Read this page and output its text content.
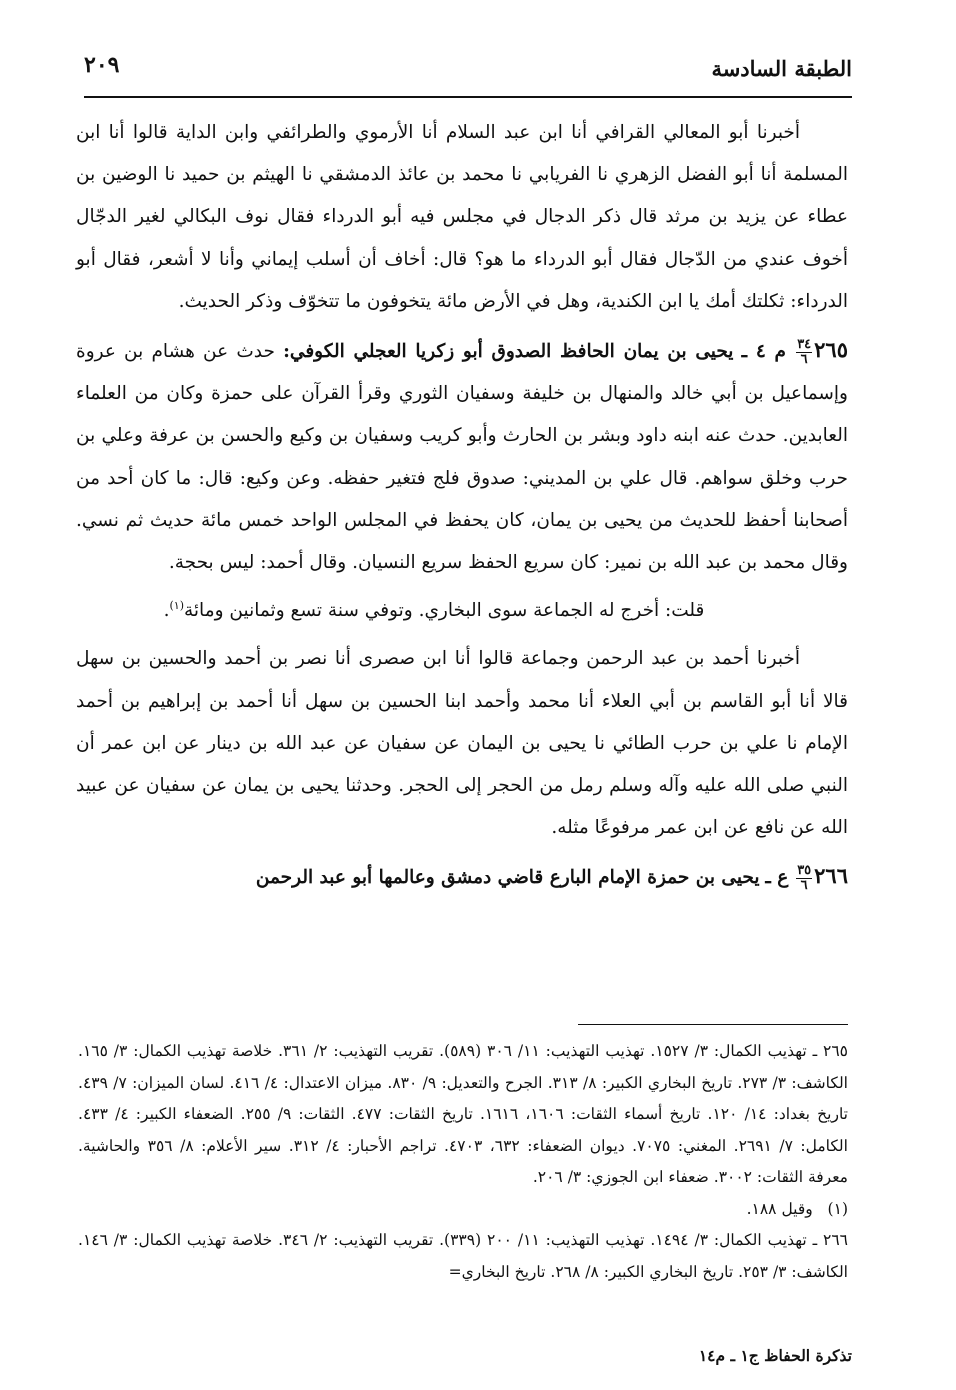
الطبقة السادسة
٢٠٩

أخبرنا أبو المعالي القرافي أنا ابن عبد السلام أنا الأرموي والطرائفي وابن الداية قالوا أنا ابن المسلمة أنا أبو الفضل الزهري نا الفريابي نا محمد بن عائذ الدمشقي نا الهيثم بن حميد نا الوضين بن عطاء عن يزيد بن مرثد قال ذكر الدجال في مجلس فيه أبو الدرداء فقال نوف البكالي لغير الدجّال أخوف عندي من الدّجال فقال أبو الدرداء ما هو؟ قال: أخاف أن أسلب إيماني وأنا لا أشعر، فقال أبو الدرداء: ثكلتك أمك يا ابن الكندية، وهل في الأرض مائة يتخوفون ما تتخوّف وذكر الحديث.

٢٦٥
$\frac{٣٤}{٦}$
م ٤ ـ يحيى بن يمان الحافظ الصدوق أبو زكريا العجلي الكوفي: حدث عن هشام بن عروة وإسماعيل بن أبي خالد والمنهال بن خليفة وسفيان الثوري وقرأ القرآن على حمزة وكان من العلماء العابدين. حدث عنه ابنه داود وبشر بن الحارث وأبو كريب وسفيان بن وكيع والحسن بن عرفة وعلي بن حرب وخلق سواهم. قال علي بن المديني: صدوق فلج فتغير حفظه. وعن وكيع: قال: ما كان أحد من أصحابنا أحفظ للحديث من يحيى بن يمان، كان يحفظ في المجلس الواحد خمس مائة حديث ثم نسي. وقال محمد بن عبد الله بن نمير: كان سريع الحفظ سريع النسيان. وقال أحمد: ليس بحجة.

قلت: أخرج له الجماعة سوى البخاري. وتوفي سنة تسع وثمانين ومائة$^{(١)}$.

أخبرنا أحمد بن عبد الرحمن وجماعة قالوا أنا ابن صصرى أنا نصر بن أحمد والحسين بن سهل قالا أنا أبو القاسم بن أبي العلاء أنا محمد وأحمد ابنا الحسين بن سهل أنا أحمد بن إبراهيم بن أحمد الإمام نا علي بن حرب الطائي نا يحيى بن اليمان عن سفيان عن عبد الله بن دينار عن ابن عمر أن النبي صلى الله عليه وآله وسلم رمل من الحجر إلى الحجر. وحدثنا يحيى بن يمان عن سفيان عن عبيد الله عن نافع عن ابن عمر مرفوعًا مثله.

٢٦٦
$\frac{٣٥}{٦}$
ع ـ يحيى بن حمزة الإمام البارع قاضي دمشق وعالمها أبو عبد الرحمن

٢٦٥ ـ تهذيب الكمال: ٣/ ١٥٢٧. تهذيب التهذيب: ١١/ ٣٠٦ (٥٨٩). تقريب التهذيب: ٢/ ٣٦١. خلاصة تهذيب الكمال: ٣/ ١٦٥. الكاشف: ٣/ ٢٧٣. تاريخ البخاري الكبير: ٨/ ٣١٣. الجرح والتعديل: ٩/ ٨٣٠. ميزان الاعتدال: ٤/ ٤١٦. لسان الميزان: ٧/ ٤٣٩. تاريخ بغداد: ١٤/ ١٢٠. تاريخ أسماء الثقات: ١٦٠٦، ١٦١٦. تاريخ الثقات: ٤٧٧. الثقات: ٩/ ٢٥٥. الضعفاء الكبير: ٤/ ٤٣٣. الكامل: ٧/ ٢٦٩١. المغني: ٧٠٧٥. ديوان الضعفاء: ٦٣٢، ٤٧٠٣. تراجم الأحبار: ٤/ ٣١٢. سير الأعلام: ٨/ ٣٥٦ والحاشية. معرفة الثقات: ٣٠٠٢. ضعفاء ابن الجوزي: ٣/ ٢٠٦.

(١)   وقيل ١٨٨.

٢٦٦ ـ تهذيب الكمال: ٣/ ١٤٩٤. تهذيب التهذيب: ١١/ ٢٠٠ (٣٣٩). تقريب التهذيب: ٢/ ٣٤٦. خلاصة تهذيب الكمال: ٣/ ١٤٦. الكاشف: ٣/ ٢٥٣. تاريخ البخاري الكبير: ٨/ ٢٦٨. تاريخ البخاري=

تذكرة الحفاظ ج١ ـ م١٤
